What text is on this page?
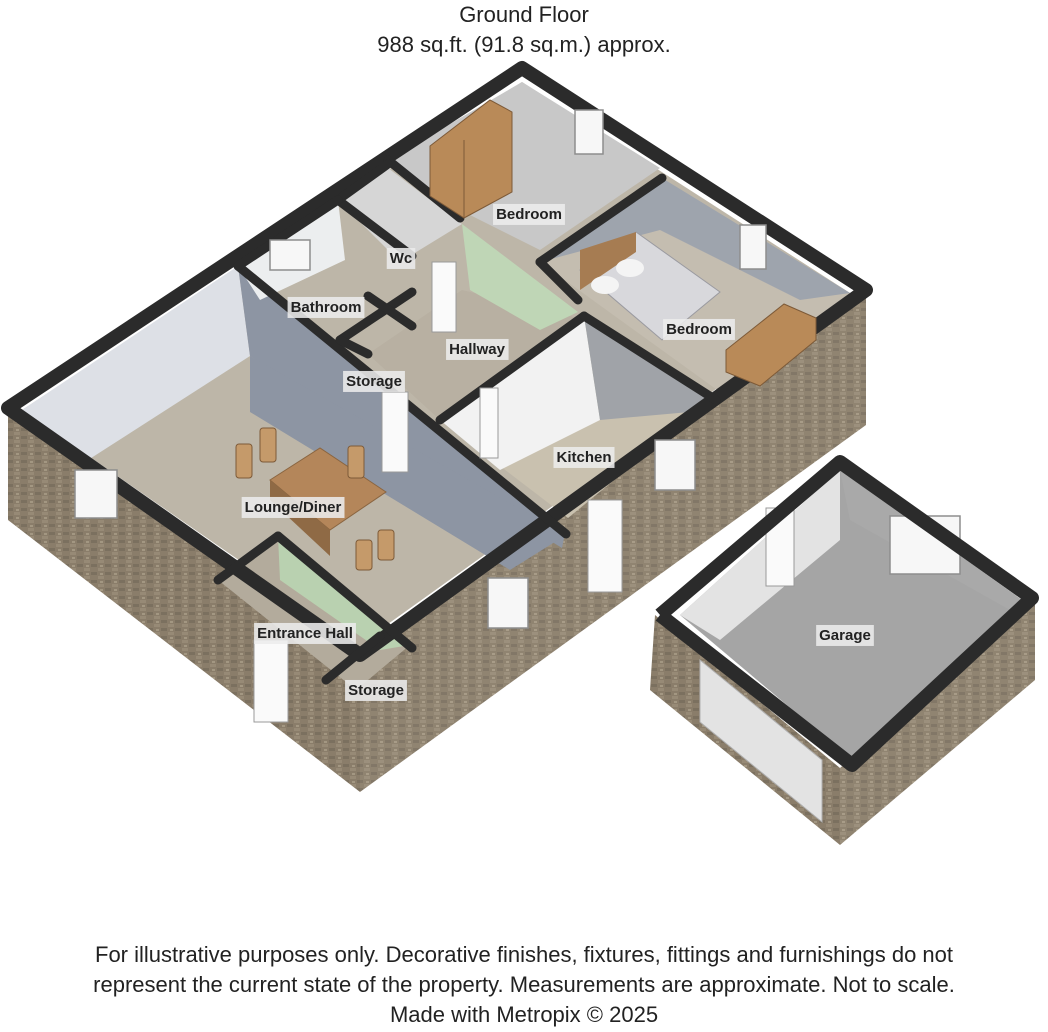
Ground Floor
988 sq.ft. (91.8 sq.m.) approx.
Bedroom
Wc
Bathroom
Hallway
Bedroom
Storage
Kitchen
Lounge/Diner
Entrance Hall
Storage
Garage
For illustrative purposes only. Decorative finishes, fixtures, fittings and furnishings do not
represent the current state of the property. Measurements are approximate. Not to scale.
Made with Metropix © 2025
